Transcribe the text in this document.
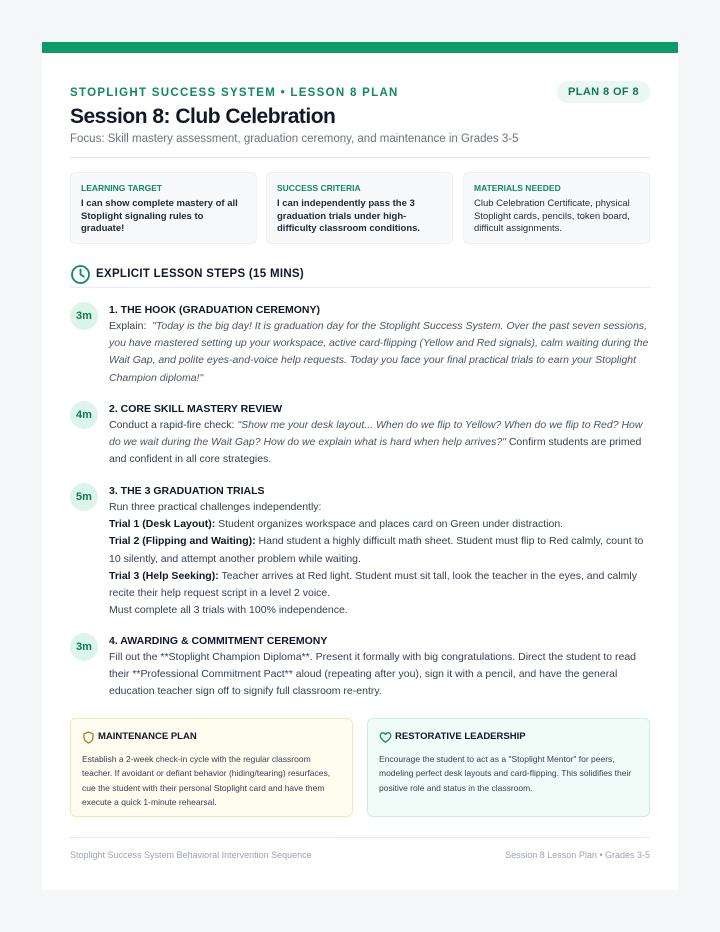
STOPLIGHT SUCCESS SYSTEM • LESSON 8 PLAN	PLAN 8 OF 8
Session 8: Club Celebration
Focus: Skill mastery assessment, graduation ceremony, and maintenance in Grades 3-5
LEARNING TARGET
I can show complete mastery of all Stoplight signaling rules to graduate!
SUCCESS CRITERIA
I can independently pass the 3 graduation trials under high-difficulty classroom conditions.
MATERIALS NEEDED
Club Celebration Certificate, physical Stoplight cards, pencils, token board, difficult assignments.
EXPLICIT LESSON STEPS (15 MINS)
3m	1. THE HOOK (GRADUATION CEREMONY)
Explain: "Today is the big day! It is graduation day for the Stoplight Success System. Over the past seven sessions, you have mastered setting up your workspace, active card-flipping (Yellow and Red signals), calm waiting during the Wait Gap, and polite eyes-and-voice help requests. Today you face your final practical trials to earn your Stoplight Champion diploma!"
4m	2. CORE SKILL MASTERY REVIEW
Conduct a rapid-fire check: "Show me your desk layout... When do we flip to Yellow? When do we flip to Red? How do we wait during the Wait Gap? How do we explain what is hard when help arrives?" Confirm students are primed and confident in all core strategies.
5m	3. THE 3 GRADUATION TRIALS
Run three practical challenges independently:
Trial 1 (Desk Layout): Student organizes workspace and places card on Green under distraction.
Trial 2 (Flipping and Waiting): Hand student a highly difficult math sheet. Student must flip to Red calmly, count to 10 silently, and attempt another problem while waiting.
Trial 3 (Help Seeking): Teacher arrives at Red light. Student must sit tall, look the teacher in the eyes, and calmly recite their help request script in a level 2 voice.
Must complete all 3 trials with 100% independence.
3m	4. AWARDING & COMMITMENT CEREMONY
Fill out the **Stoplight Champion Diploma**. Present it formally with big congratulations. Direct the student to read their **Professional Commitment Pact** aloud (repeating after you), sign it with a pencil, and have the general education teacher sign off to signify full classroom re-entry.
MAINTENANCE PLAN
Establish a 2-week check-in cycle with the regular classroom teacher. If avoidant or defiant behavior (hiding/tearing) resurfaces, cue the student with their personal Stoplight card and have them execute a quick 1-minute rehearsal.
RESTORATIVE LEADERSHIP
Encourage the student to act as a "Stoplight Mentor" for peers, modeling perfect desk layouts and card-flipping. This solidifies their positive role and status in the classroom.
Stoplight Success System Behavioral Intervention Sequence	Session 8 Lesson Plan • Grades 3-5
